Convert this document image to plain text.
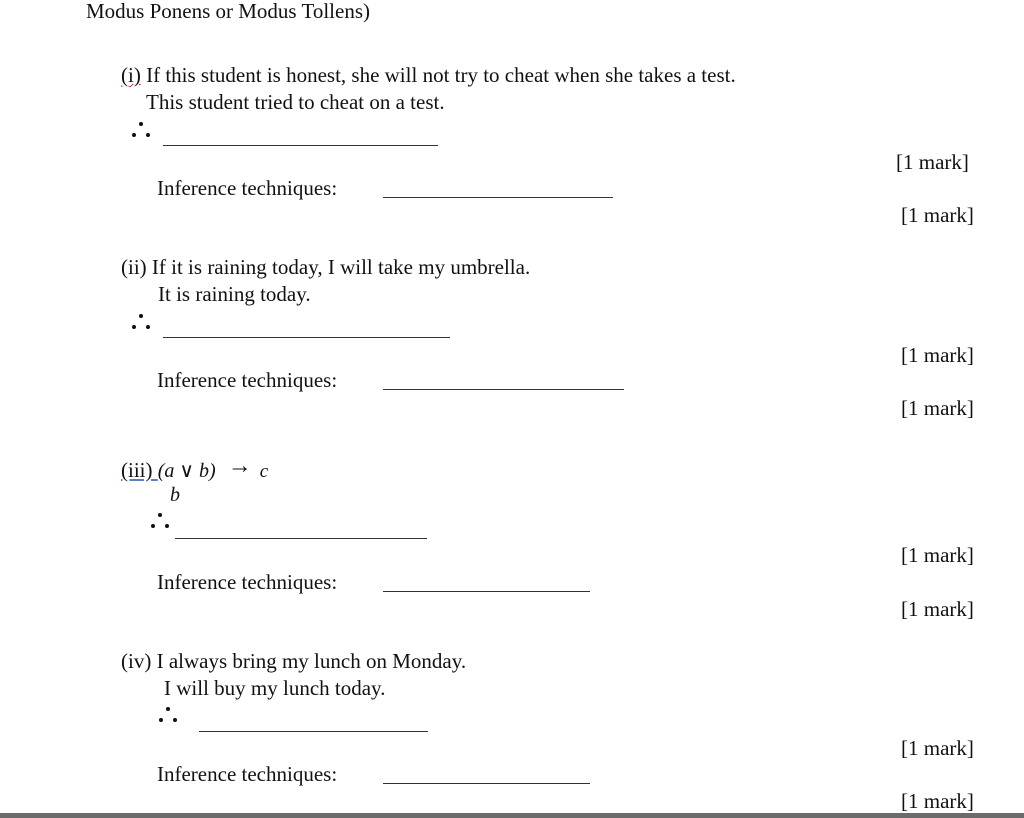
Modus Ponens or Modus Tollens)
(i) If this student is honest, she will not try to cheat when she takes a test.
This student tried to cheat on a test.
[1 mark]
Inference techniques:
[1 mark]
(ii) If it is raining today, I will take my umbrella.
It is raining today.
[1 mark]
Inference techniques:
[1 mark]
(iii) (a ∨ b) → c
b
[1 mark]
Inference techniques:
[1 mark]
(iv) I always bring my lunch on Monday.
I will buy my lunch today.
[1 mark]
Inference techniques:
[1 mark]
